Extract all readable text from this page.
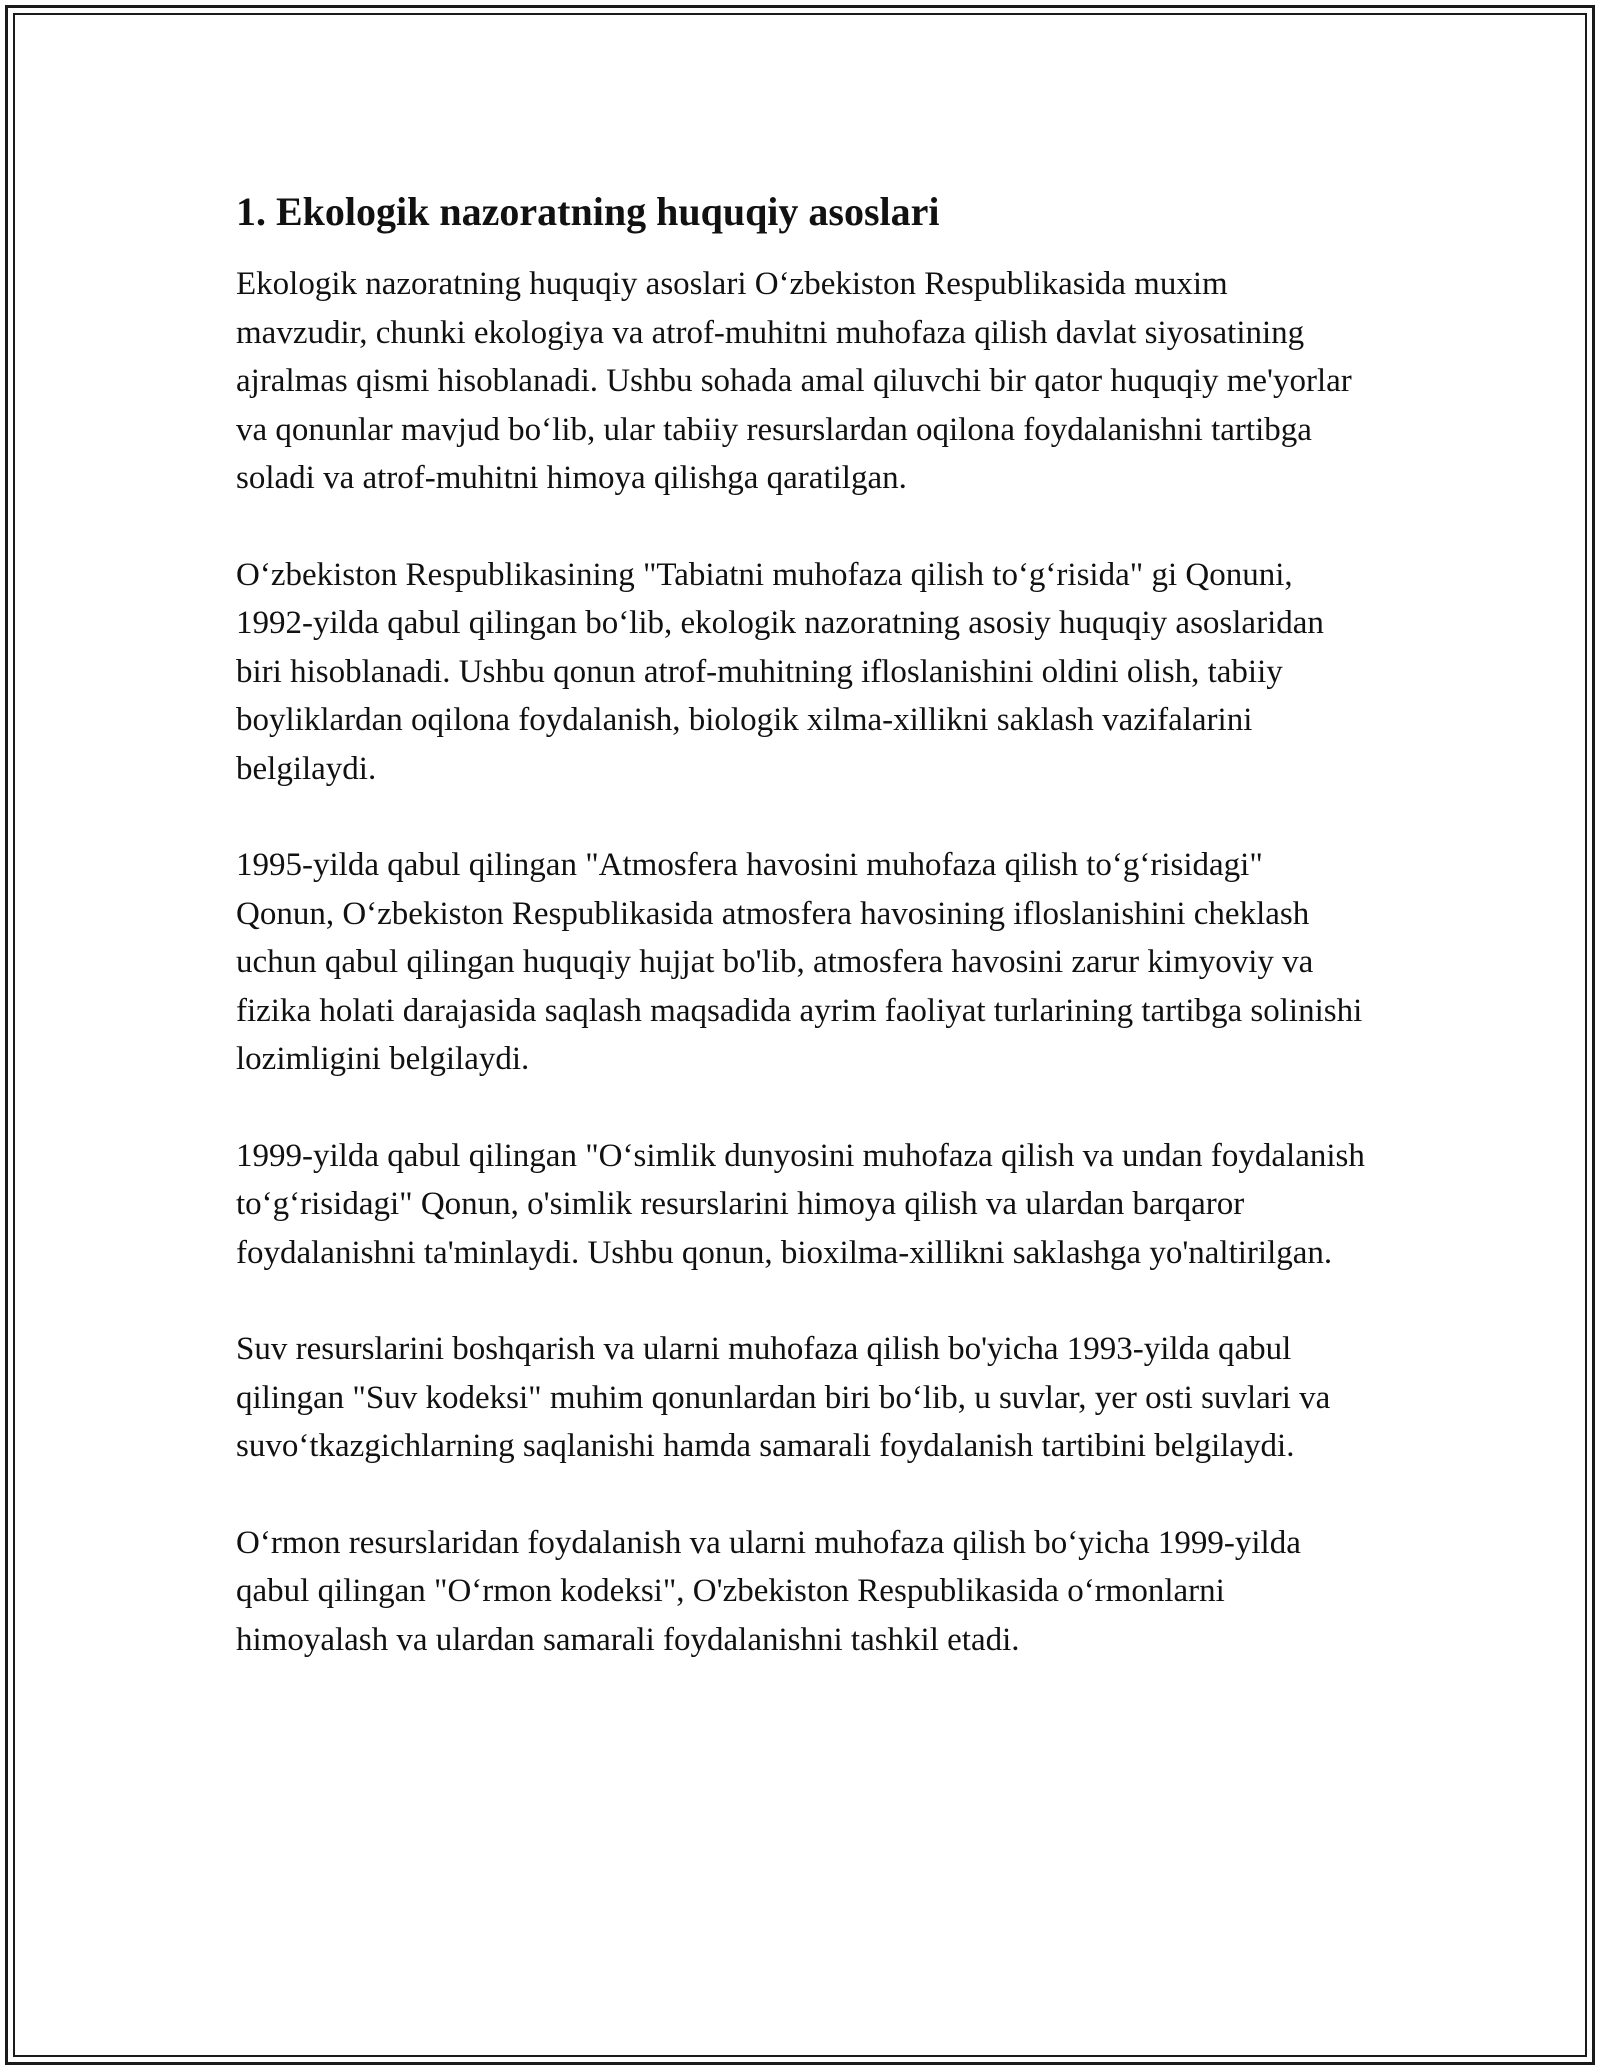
1. Ekologik nazoratning huquqiy asoslari

Ekologik nazoratning huquqiy asoslari O‘zbekiston Respublikasida muxim mavzudir, chunki ekologiya va atrof-muhitni muhofaza qilish davlat siyosatining ajralmas qismi hisoblanadi. Ushbu sohada amal qiluvchi bir qator huquqiy me'yorlar va qonunlar mavjud bo‘lib, ular tabiiy resurslardan oqilona foydalanishni tartibga soladi va atrof-muhitni himoya qilishga qaratilgan.

O‘zbekiston Respublikasining "Tabiatni muhofaza qilish to‘g‘risida" gi Qonuni, 1992-yilda qabul qilingan bo‘lib, ekologik nazoratning asosiy huquqiy asoslaridan biri hisoblanadi. Ushbu qonun atrof-muhitning ifloslanishini oldini olish, tabiiy boyliklardan oqilona foydalanish, biologik xilma-xillikni saklash vazifalarini belgilaydi.

1995-yilda qabul qilingan "Atmosfera havosini muhofaza qilish to‘g‘risidagi" Qonun, O‘zbekiston Respublikasida atmosfera havosining ifloslanishini cheklash uchun qabul qilingan huquqiy hujjat bo'lib, atmosfera havosini zarur kimyoviy va fizika holati darajasida saqlash maqsadida ayrim faoliyat turlarining tartibga solinishi lozimligini belgilaydi.

1999-yilda qabul qilingan "O‘simlik dunyosini muhofaza qilish va undan foydalanish to‘g‘risidagi" Qonun, o'simlik resurslarini himoya qilish va ulardan barqaror foydalanishni ta'minlaydi. Ushbu qonun, bioxilma-xillikni saklashga yo'naltirilgan.

Suv resurslarini boshqarish va ularni muhofaza qilish bo'yicha 1993-yilda qabul qilingan "Suv kodeksi" muhim qonunlardan biri bo‘lib, u suvlar, yer osti suvlari va suvo‘tkazgichlarning saqlanishi hamda samarali foydalanish tartibini belgilaydi.

O‘rmon resurslaridan foydalanish va ularni muhofaza qilish bo‘yicha 1999-yilda qabul qilingan "O‘rmon kodeksi", O'zbekiston Respublikasida o‘rmonlarni himoyalash va ulardan samarali foydalanishni tashkil etadi.
